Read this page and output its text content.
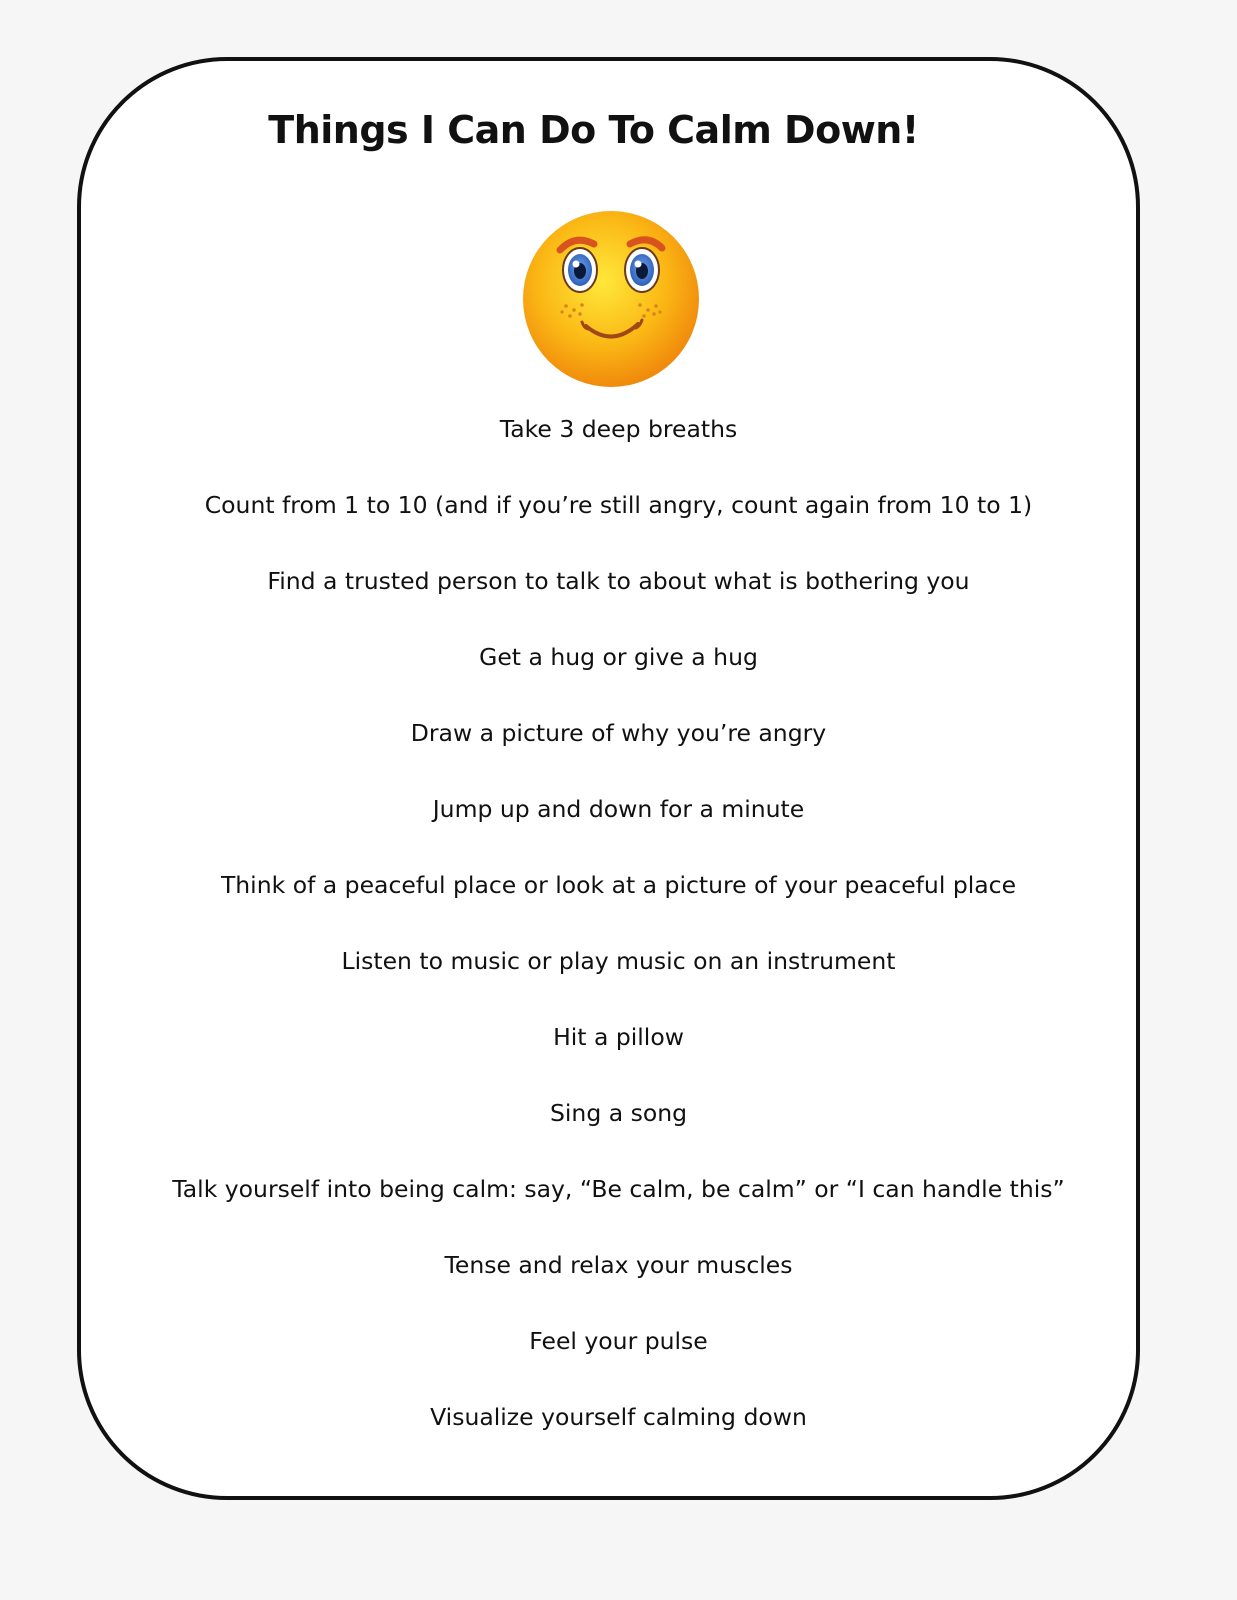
Things I Can Do To Calm Down!
Take 3 deep breaths
Count from 1 to 10 (and if you’re still angry, count again from 10 to 1)
Find a trusted person to talk to about what is bothering you
Get a hug or give a hug
Draw a picture of why you’re angry
Jump up and down for a minute
Think of a peaceful place or look at a picture of your peaceful place
Listen to music or play music on an instrument
Hit a pillow
Sing a song
Talk yourself into being calm: say, “Be calm, be calm” or “I can handle this”
Tense and relax your muscles
Feel your pulse
Visualize yourself calming down
